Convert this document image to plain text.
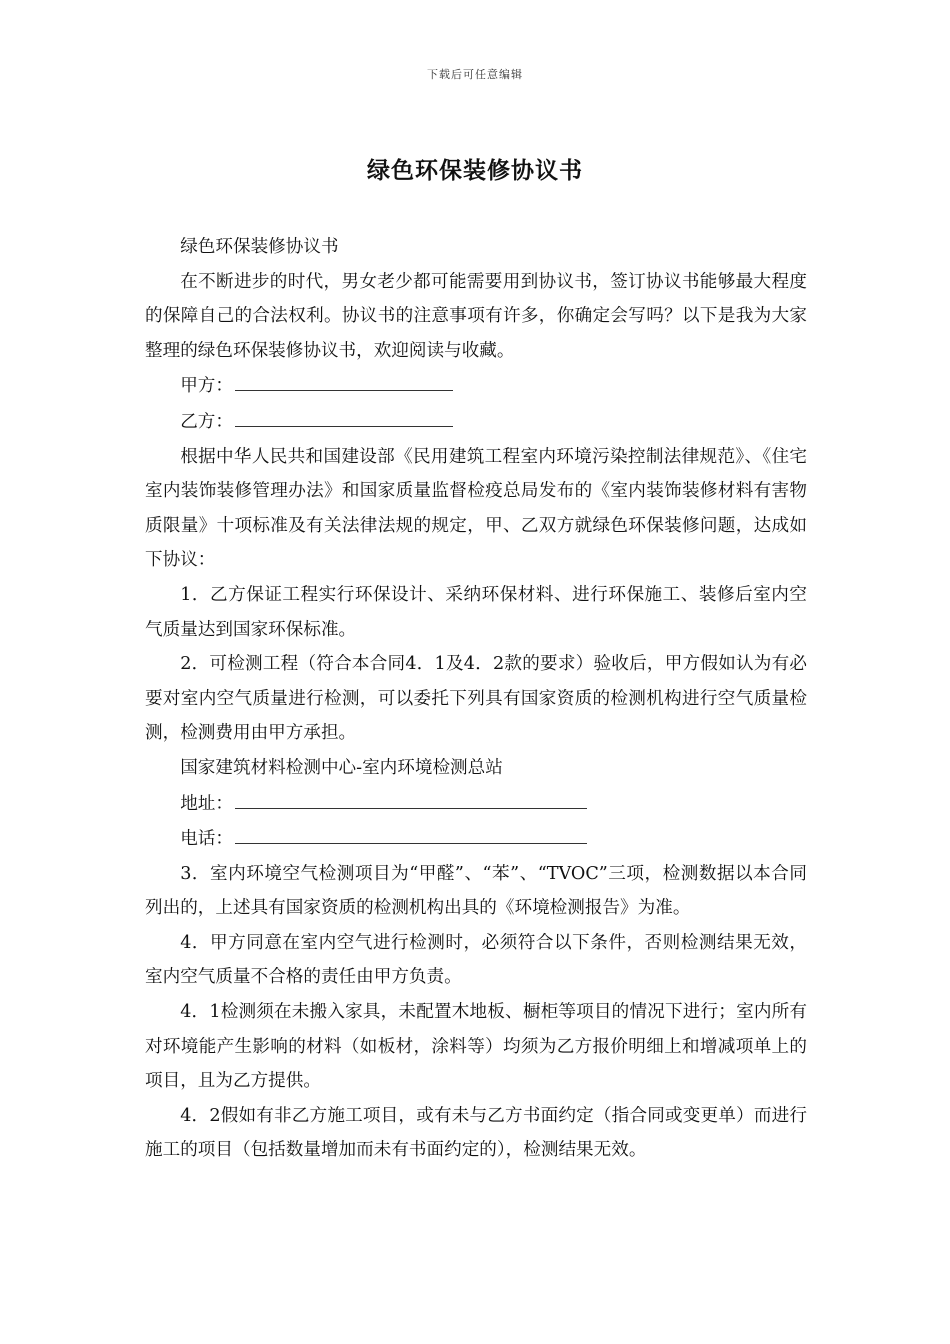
下载后可任意编辑
绿色环保装修协议书

绿色环保装修协议书

在不断进步的时代，男女老少都可能需要用到协议书，签订协议书能够最大程度的保障自己的合法权利。协议书的注意事项有许多，你确定会写吗？以下是我为大家整理的绿色环保装修协议书，欢迎阅读与收藏。

甲方：

乙方：

根据中华人民共和国建设部《民用建筑工程室内环境污染控制法律规范》、《住宅室内装饰装修管理办法》和国家质量监督检疫总局发布的《室内装饰装修材料有害物质限量》十项标准及有关法律法规的规定，甲、乙双方就绿色环保装修问题，达成如下协议：

1．乙方保证工程实行环保设计、采纳环保材料、进行环保施工、装修后室内空气质量达到国家环保标准。

2．可检测工程（符合本合同4．1及4．2款的要求）验收后，甲方假如认为有必要对室内空气质量进行检测，可以委托下列具有国家资质的检测机构进行空气质量检测，检测费用由甲方承担。

国家建筑材料检测中心-室内环境检测总站

地址：

电话：

3．室内环境空气检测项目为“甲醛”、“苯”、“TVOC”三项，检测数据以本合同列出的，上述具有国家资质的检测机构出具的《环境检测报告》为准。

4．甲方同意在室内空气进行检测时，必须符合以下条件，否则检测结果无效，室内空气质量不合格的责任由甲方负责。

4．1检测须在未搬入家具，未配置木地板、橱柜等项目的情况下进行；室内所有对环境能产生影响的材料（如板材，涂料等）均须为乙方报价明细上和增减项单上的项目，且为乙方提供。

4．2假如有非乙方施工项目，或有未与乙方书面约定（指合同或变更单）而进行施工的项目（包括数量增加而未有书面约定的），检测结果无效。
